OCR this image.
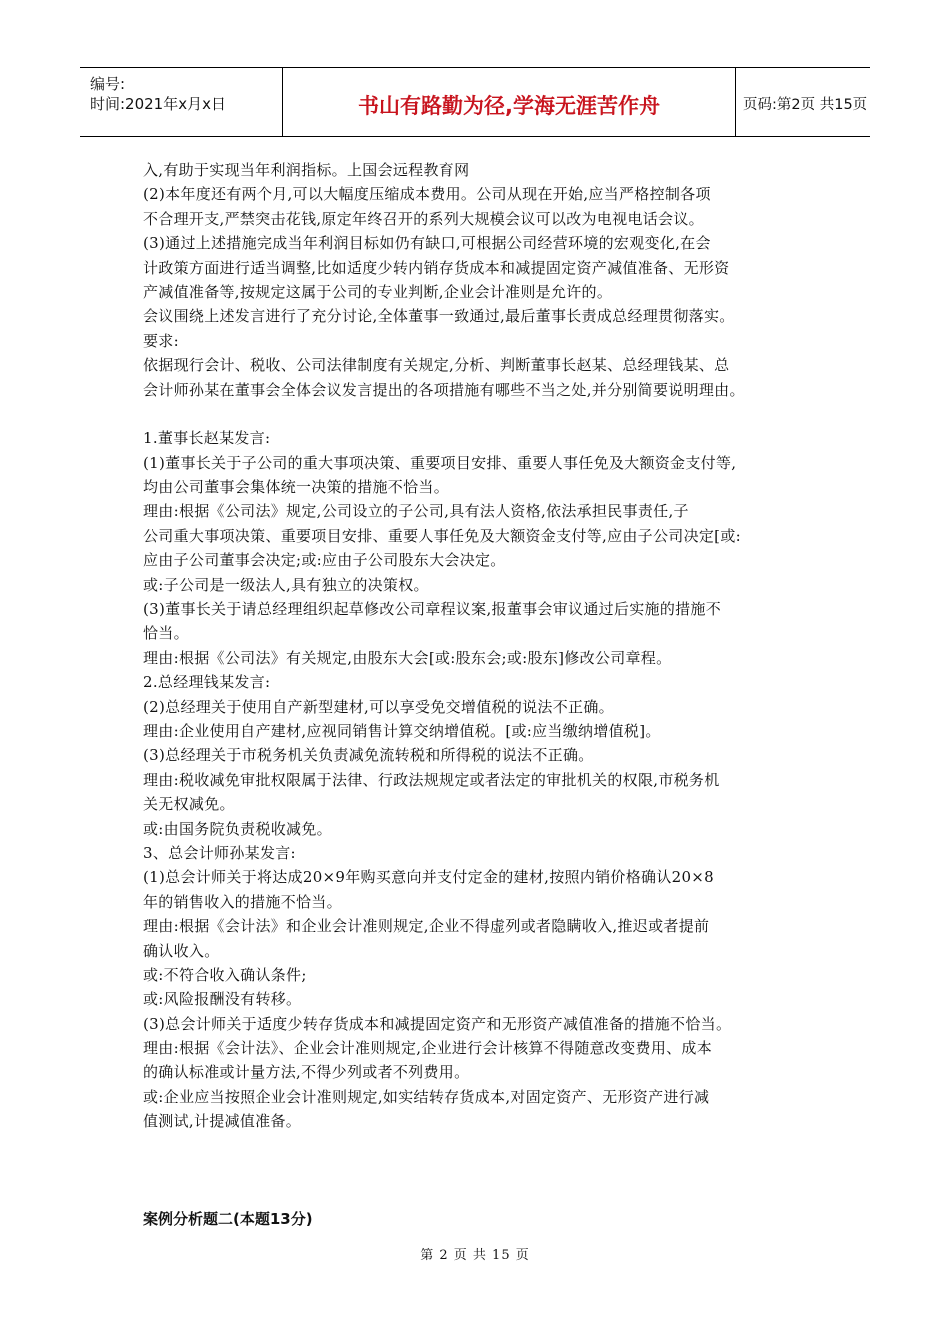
编号:
时间:2021年x月x日	书山有路勤为径,学海无涯苦作舟	页码:第2页 共15页
入,有助于实现当年利润指标。上国会远程教育网
(2)本年度还有两个月,可以大幅度压缩成本费用。公司从现在开始,应当严格控制各项
不合理开支,严禁突击花钱,原定年终召开的系列大规模会议可以改为电视电话会议。
(3)通过上述措施完成当年利润目标如仍有缺口,可根据公司经营环境的宏观变化,在会
计政策方面进行适当调整,比如适度少转内销存货成本和减提固定资产减值准备、无形资
产减值准备等,按规定这属于公司的专业判断,企业会计准则是允许的。
会议围绕上述发言进行了充分讨论,全体董事一致通过,最后董事长责成总经理贯彻落实。
要求:
依据现行会计、税收、公司法律制度有关规定,分析、判断董事长赵某、总经理钱某、总
会计师孙某在董事会全体会议发言提出的各项措施有哪些不当之处,并分别简要说明理由。
1.董事长赵某发言:
(1)董事长关于子公司的重大事项决策、重要项目安排、重要人事任免及大额资金支付等,
均由公司董事会集体统一决策的措施不恰当。
理由:根据《公司法》规定,公司设立的子公司,具有法人资格,依法承担民事责任,子
公司重大事项决策、重要项目安排、重要人事任免及大额资金支付等,应由子公司决定[或:
应由子公司董事会决定;或:应由子公司股东大会决定。
或:子公司是一级法人,具有独立的决策权。
(3)董事长关于请总经理组织起草修改公司章程议案,报董事会审议通过后实施的措施不
恰当。
理由:根据《公司法》有关规定,由股东大会[或:股东会;或:股东]修改公司章程。
2.总经理钱某发言:
(2)总经理关于使用自产新型建材,可以享受免交增值税的说法不正确。
理由:企业使用自产建材,应视同销售计算交纳增值税。[或:应当缴纳增值税]。
(3)总经理关于市税务机关负责减免流转税和所得税的说法不正确。
理由:税收减免审批权限属于法律、行政法规规定或者法定的审批机关的权限,市税务机
关无权减免。
或:由国务院负责税收减免。
3、总会计师孙某发言:
(1)总会计师关于将达成20×9年购买意向并支付定金的建材,按照内销价格确认20×8
年的销售收入的措施不恰当。
理由:根据《会计法》和企业会计准则规定,企业不得虚列或者隐瞒收入,推迟或者提前
确认收入。
或:不符合收入确认条件;
或:风险报酬没有转移。
(3)总会计师关于适度少转存货成本和减提固定资产和无形资产减值准备的措施不恰当。
理由:根据《会计法》、企业会计准则规定,企业进行会计核算不得随意改变费用、成本
的确认标准或计量方法,不得少列或者不列费用。
或:企业应当按照企业会计准则规定,如实结转存货成本,对固定资产、无形资产进行减
值测试,计提减值准备。
案例分析题二(本题13分)
第 2 页 共 15 页
